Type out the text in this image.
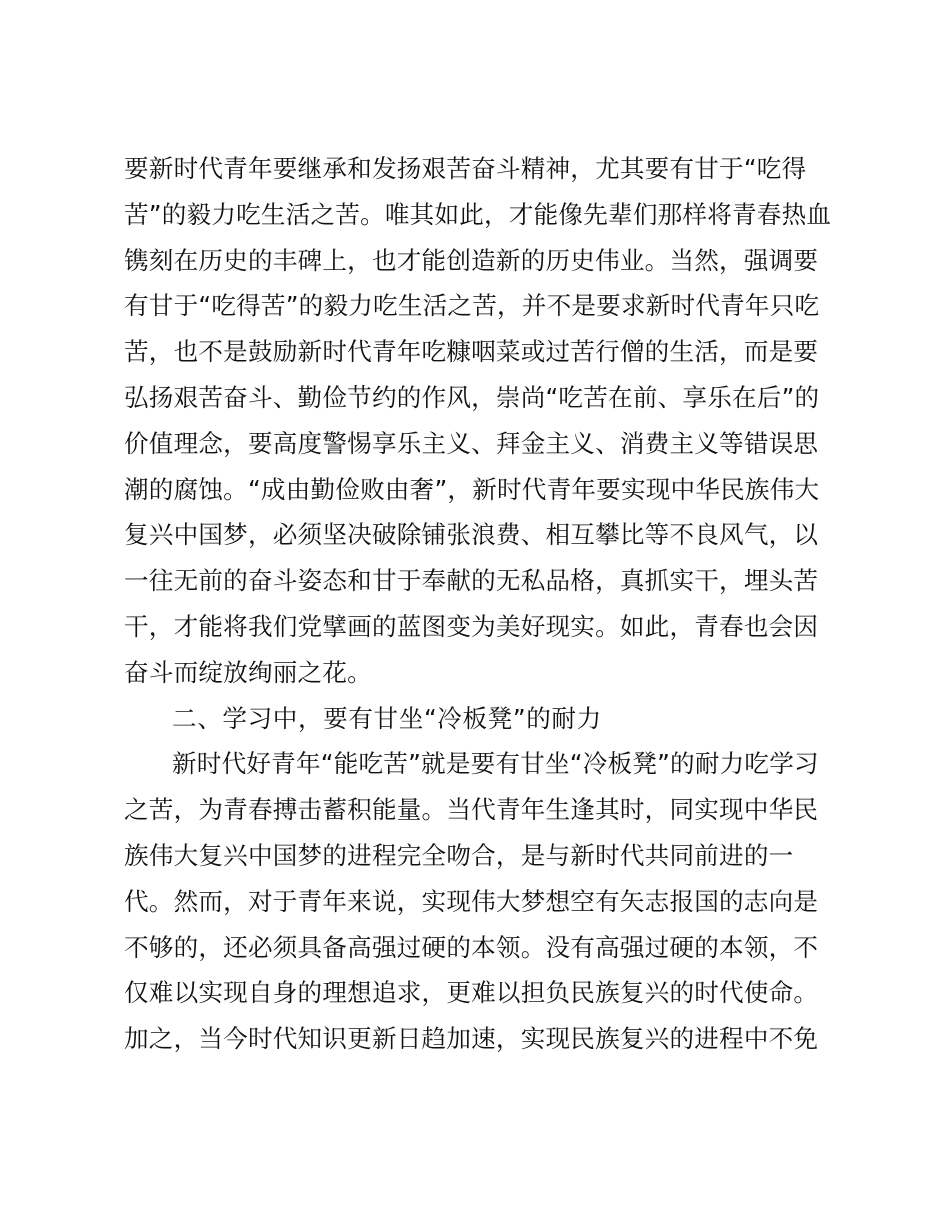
要新时代青年要继承和发扬艰苦奋斗精神，尤其要有甘于“吃得
苦”的毅力吃生活之苦。唯其如此，才能像先辈们那样将青春热血
镌刻在历史的丰碑上，也才能创造新的历史伟业。当然，强调要
有甘于“吃得苦”的毅力吃生活之苦，并不是要求新时代青年只吃
苦，也不是鼓励新时代青年吃糠咽菜或过苦行僧的生活，而是要
弘扬艰苦奋斗、勤俭节约的作风，崇尚“吃苦在前、享乐在后”的
价值理念，要高度警惕享乐主义、拜金主义、消费主义等错误思
潮的腐蚀。“成由勤俭败由奢”，新时代青年要实现中华民族伟大
复兴中国梦，必须坚决破除铺张浪费、相互攀比等不良风气，以
一往无前的奋斗姿态和甘于奉献的无私品格，真抓实干，埋头苦
干，才能将我们党擘画的蓝图变为美好现实。如此，青春也会因
奋斗而绽放绚丽之花。
二、学习中，要有甘坐“冷板凳”的耐力
新时代好青年“能吃苦”就是要有甘坐“冷板凳”的耐力吃学习
之苦，为青春搏击蓄积能量。当代青年生逢其时，同实现中华民
族伟大复兴中国梦的进程完全吻合，是与新时代共同前进的一
代。然而，对于青年来说，实现伟大梦想空有矢志报国的志向是
不够的，还必须具备高强过硬的本领。没有高强过硬的本领，不
仅难以实现自身的理想追求，更难以担负民族复兴的时代使命。
加之，当今时代知识更新日趋加速，实现民族复兴的进程中不免
